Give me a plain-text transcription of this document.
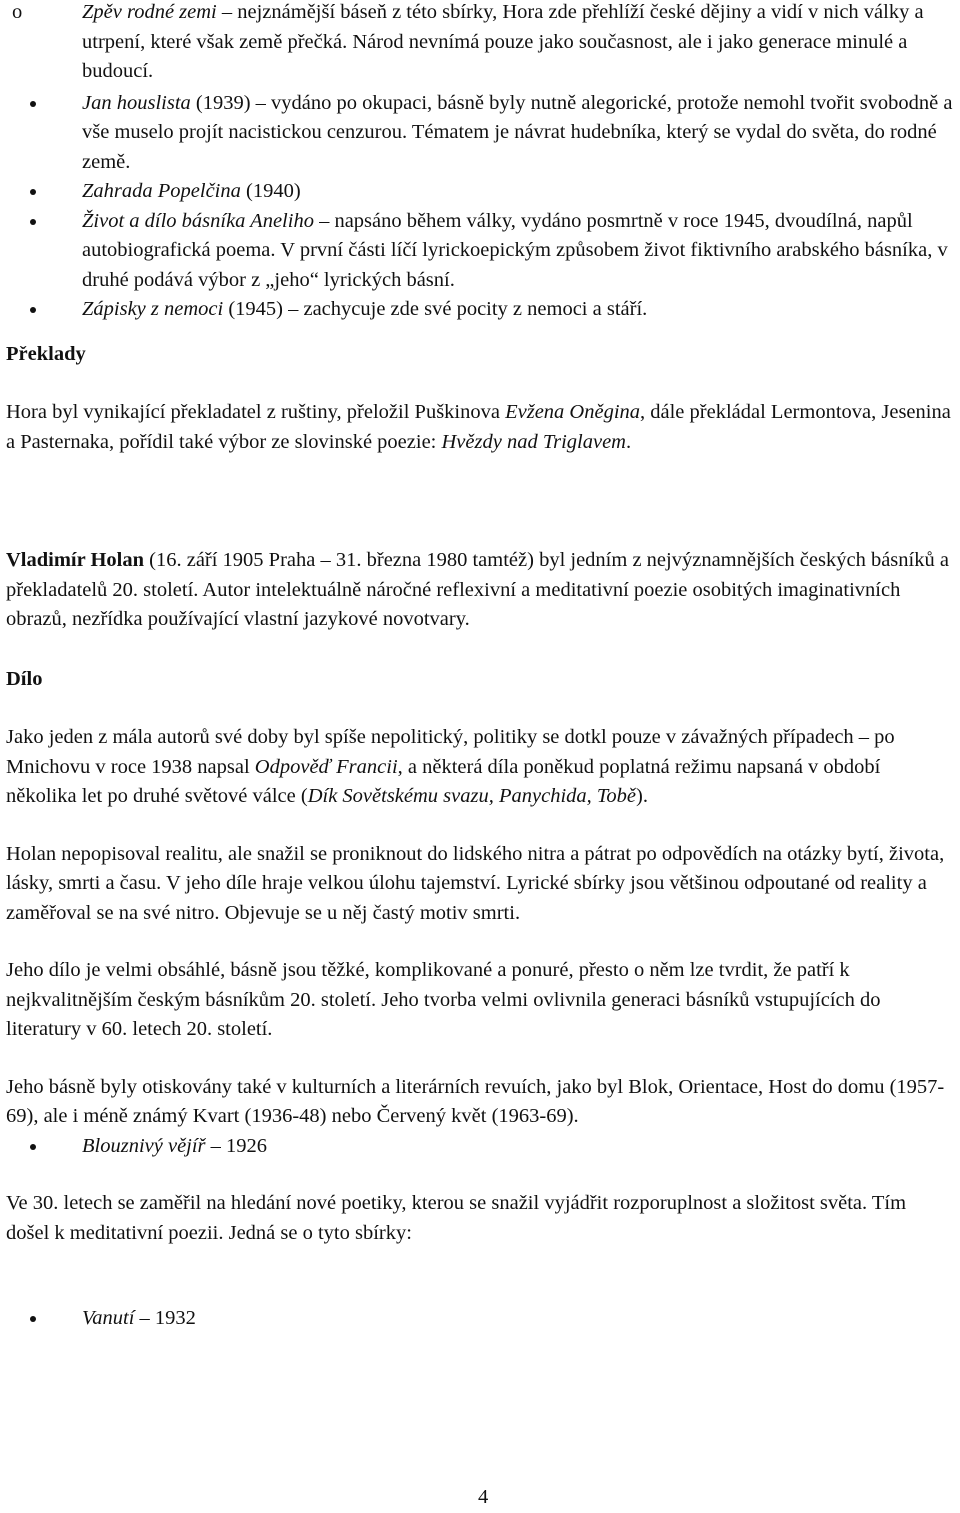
o	Zpěv rodné zemi – nejznámější báseň z této sbírky, Hora zde přehlíží české dějiny a vidí v nich války a utrpení, které však země přečká. Národ nevnímá pouze jako současnost, ale i jako generace minulé a budoucí.
Jan houslista (1939) – vydáno po okupaci, básně byly nutně alegorické, protože nemohl tvořit svobodně a vše muselo projít nacistickou cenzurou. Tématem je návrat hudebníka, který se vydal do světa, do rodné země.
Zahrada Popelčina (1940)
Život a dílo básníka Aneliho – napsáno během války, vydáno posmrtně v roce 1945, dvoudílná, napůl autobiografická poema. V první části líčí lyrickoepickým způsobem život fiktivního arabského básníka, v druhé podává výbor z „jeho“ lyrických básní.
Zápisky z nemoci (1945) – zachycuje zde své pocity z nemoci a stáří.

Překlady

Hora byl vynikající překladatel z ruštiny, přeložil Puškinova Evžena Oněgina, dále překládal Lermontova, Jesenina a Pasternaka, pořídil také výbor ze slovinské poezie: Hvězdy nad Triglavem.

Vladimír Holan (16. září 1905 Praha – 31. března 1980 tamtéž) byl jedním z nejvýznamnějších českých básníků a překladatelů 20. století. Autor intelektuálně náročné reflexivní a meditativní poezie osobitých imaginativních obrazů, nezřídka používající vlastní jazykové novotvary.

Dílo

Jako jeden z mála autorů své doby byl spíše nepolitický, politiky se dotkl pouze v závažných případech – po Mnichovu v roce 1938 napsal Odpověď Francii, a některá díla poněkud poplatná režimu napsaná v období několika let po druhé světové válce (Dík Sovětskému svazu, Panychida, Tobě).

Holan nepopisoval realitu, ale snažil se proniknout do lidského nitra a pátrat po odpovědích na otázky bytí, života, lásky, smrti a času. V jeho díle hraje velkou úlohu tajemství. Lyrické sbírky jsou většinou odpoutané od reality a zaměřoval se na své nitro. Objevuje se u něj častý motiv smrti.

Jeho dílo je velmi obsáhlé, básně jsou těžké, komplikované a ponuré, přesto o něm lze tvrdit, že patří k nejkvalitnějším českým básníkům 20. století. Jeho tvorba velmi ovlivnila generaci básníků vstupujících do literatury v 60. letech 20. století.

Jeho básně byly otiskovány také v kulturních a literárních revuích, jako byl Blok, Orientace, Host do domu (1957-69), ale i méně známý Kvart (1936-48) nebo Červený květ (1963-69).

Blouznivý vějíř – 1926

Ve 30. letech se zaměřil na hledání nové poetiky, kterou se snažil vyjádřit rozporuplnost a složitost světa. Tím došel k meditativní poezii. Jedná se o tyto sbírky:

Vanutí – 1932
4
